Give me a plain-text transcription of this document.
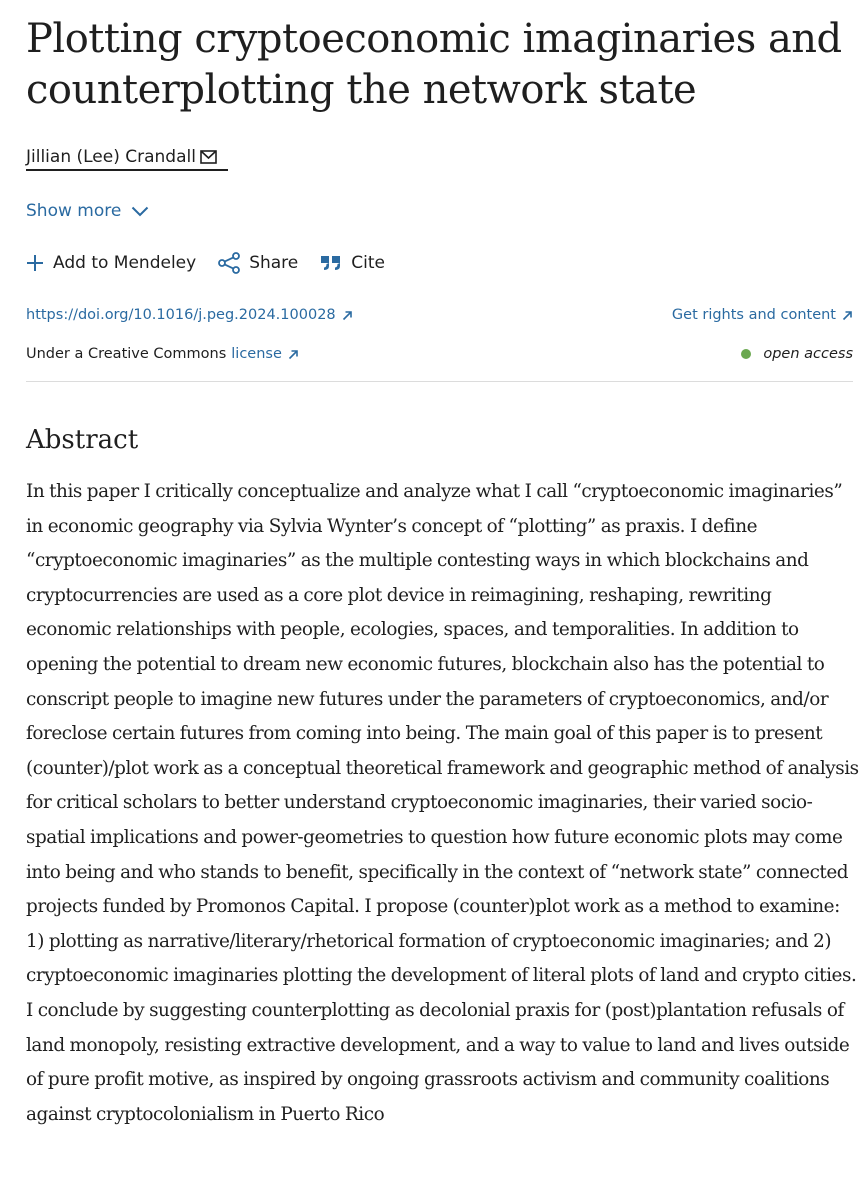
Plotting cryptoeconomic imaginaries and counterplotting the network state
Jillian (Lee) Crandall
Show more
Add to Mendeley	Share	Cite
https://doi.org/10.1016/j.peg.2024.100028	Get rights and content
Under a Creative Commons license	open access
Abstract

In this paper I critically conceptualize and analyze what I call “cryptoeconomic imaginaries” in economic geography via Sylvia Wynter’s concept of “plotting” as praxis. I define “cryptoeconomic imaginaries” as the multiple contesting ways in which blockchains and cryptocurrencies are used as a core plot device in reimagining, reshaping, rewriting economic relationships with people, ecologies, spaces, and temporalities. In addition to opening the potential to dream new economic futures, blockchain also has the potential to conscript people to imagine new futures under the parameters of cryptoeconomics, and/or foreclose certain futures from coming into being. The main goal of this paper is to present (counter)/plot work as a conceptual theoretical framework and geographic method of analysis for critical scholars to better understand cryptoeconomic imaginaries, their varied socio-spatial implications and power-geometries to question how future economic plots may come into being and who stands to benefit, specifically in the context of “network state” connected projects funded by Promonos Capital. I propose (counter)plot work as a method to examine: 1) plotting as narrative/literary/rhetorical formation of cryptoeconomic imaginaries; and 2) cryptoeconomic imaginaries plotting the development of literal plots of land and crypto cities. I conclude by suggesting counterplotting as decolonial praxis for (post)plantation refusals of land monopoly, resisting extractive development, and a way to value to land and lives outside of pure profit motive, as inspired by ongoing grassroots activism and community coalitions against cryptocolonialism in Puerto Rico
